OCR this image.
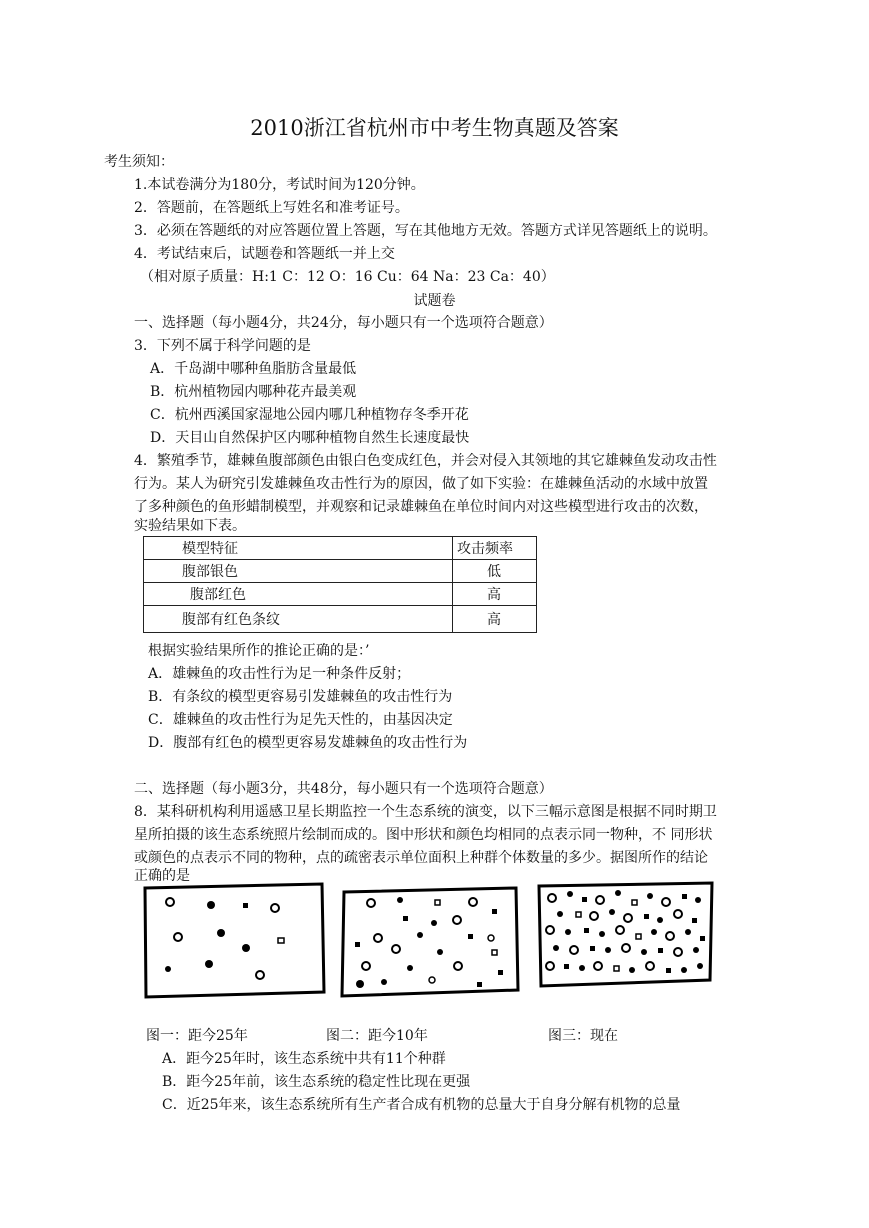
2010浙江省杭州市中考生物真题及答案
考生须知：
1.本试卷满分为180分，考试时间为120分钟。
2．答题前，在答题纸上写姓名和准考证号。
3．必须在答题纸的对应答题位置上答题，写在其他地方无效。答题方式详见答题纸上的说明。
4．考试结束后，试题卷和答题纸一并上交
（相对原子质量：H:1 C：12 O：16 Cu：64 Na：23 Ca：40）
试题卷
一、选择题（每小题4分，共24分，每小题只有一个选项符合题意）
3．下列不属于科学问题的是
A．千岛湖中哪种鱼脂肪含量最低
B．杭州植物园内哪种花卉最美观
C．杭州西溪国家湿地公园内哪几种植物存冬季开花
D．天目山自然保护区内哪种植物自然生长速度最快
4．繁殖季节，雄棘鱼腹部颜色由银白色变成红色，并会对侵入其领地的其它雄棘鱼发动攻击性
行为。某人为研究引发雄棘鱼攻击性行为的原因，做了如下实验：在雄棘鱼活动的水域中放置
了多种颜色的鱼形蜡制模型，并观察和记录雄棘鱼在单位时间内对这些模型进行攻击的次数，
实验结果如下表。
模型特征	攻击频率
腹部银色	低
腹部红色	高
腹部有红色条纹	高
根据实验结果所作的推论正确的是：’
A．雄棘鱼的攻击性行为足一种条件反射；
B．有条纹的模型更容易引发雄棘鱼的攻击性行为
C．雄棘鱼的攻击性行为足先天性的，由基因决定
D．腹部有红色的模型更容易发雄棘鱼的攻击性行为
二、选择题（每小题3分，共48分，每小题只有一个选项符合题意）
8．某科研机构利用遥感卫星长期监控一个生态系统的演变，以下三幅示意图是根据不同时期卫
星所拍摄的该生态系统照片绘制而成的。图中形状和颜色均相同的点表示同一物种，不 同形状
或颜色的点表示不同的物种，点的疏密表示单位面积上种群个体数量的多少。据图所作的结论
正确的是
图一：距今25年	图二：距今10年	图三：现在
A．距今25年时，该生态系统中共有11个种群
B．距今25年前，该生态系统的稳定性比现在更强
C．近25年来，该生态系统所有生产者合成有机物的总量大于自身分解有机物的总量
